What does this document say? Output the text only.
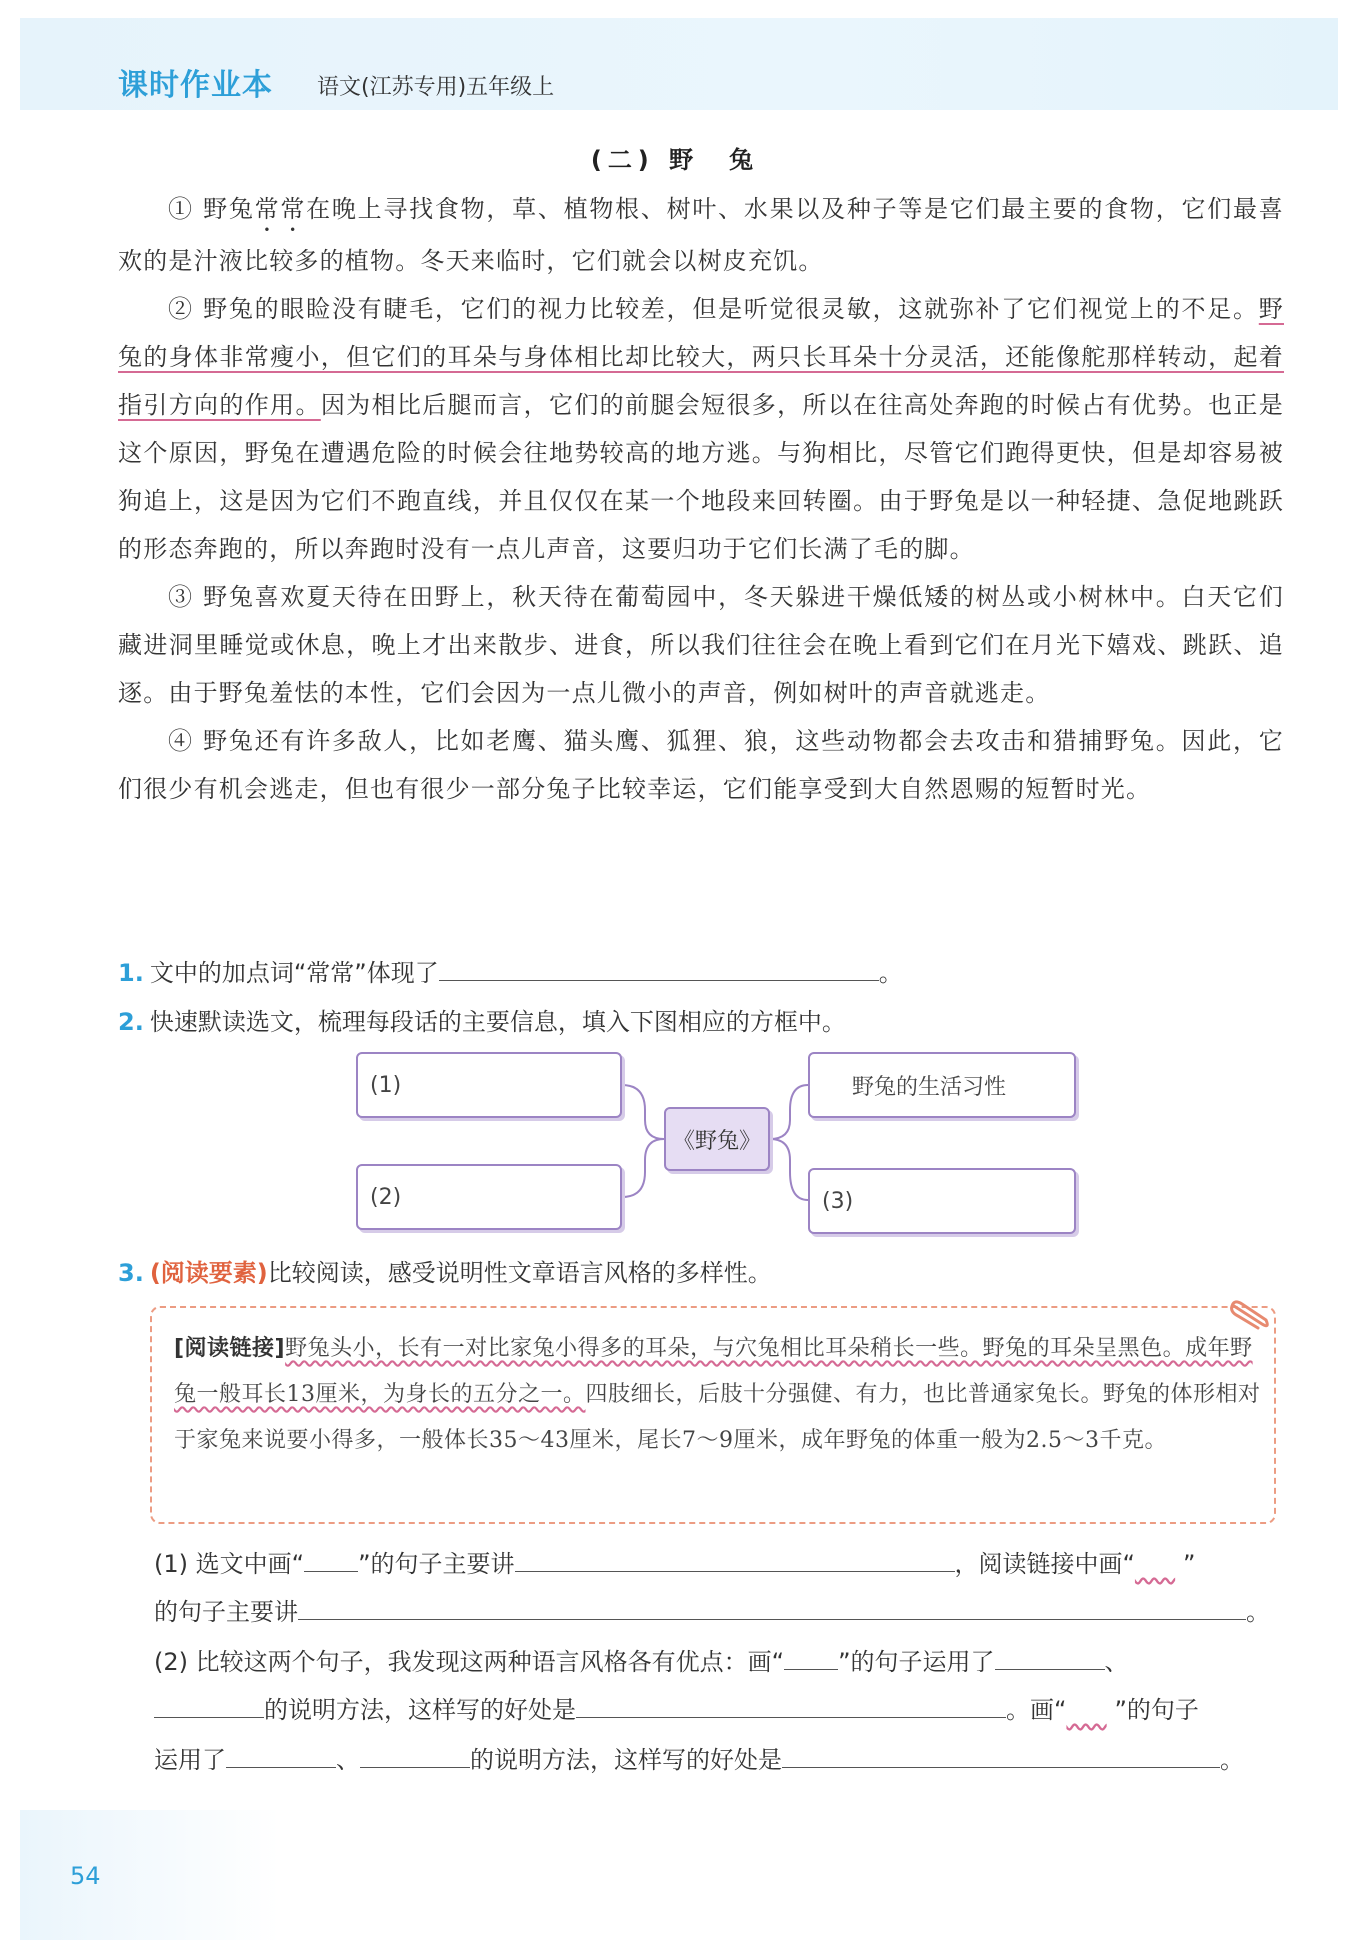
课时作业本 语文(江苏专用)五年级上
(二) 野　兔

① 野兔常常在晚上寻找食物，草、植物根、树叶、水果以及种子等是它们最主要的食物，它们最喜欢的是汁液比较多的植物。冬天来临时，它们就会以树皮充饥。

② 野兔的眼睑没有睫毛，它们的视力比较差，但是听觉很灵敏，这就弥补了它们视觉上的不足。野兔的身体非常瘦小，但它们的耳朵与身体相比却比较大，两只长耳朵十分灵活，还能像舵那样转动，起着指引方向的作用。因为相比后腿而言，它们的前腿会短很多，所以在往高处奔跑的时候占有优势。也正是这个原因，野兔在遭遇危险的时候会往地势较高的地方逃。与狗相比，尽管它们跑得更快，但是却容易被狗追上，这是因为它们不跑直线，并且仅仅在某一个地段来回转圈。由于野兔是以一种轻捷、急促地跳跃的形态奔跑的，所以奔跑时没有一点儿声音，这要归功于它们长满了毛的脚。

③ 野兔喜欢夏天待在田野上，秋天待在葡萄园中，冬天躲进干燥低矮的树丛或小树林中。白天它们藏进洞里睡觉或休息，晚上才出来散步、进食，所以我们往往会在晚上看到它们在月光下嬉戏、跳跃、追逐。由于野兔羞怯的本性，它们会因为一点儿微小的声音，例如树叶的声音就逃走。

④ 野兔还有许多敌人，比如老鹰、猫头鹰、狐狸、狼，这些动物都会去攻击和猎捕野兔。因此，它们很少有机会逃走，但也有很少一部分兔子比较幸运，它们能享受到大自然恩赐的短暂时光。

1. 文中的加点词“常常”体现了	。
2. 快速默读选文，梳理每段话的主要信息，填入下图相应的方框中。
(1)
(2)
野兔的生活习性
(3)
《野兔》
3. (阅读要素)比较阅读，感受说明性文章语言风格的多样性。
[阅读链接]野兔头小，长有一对比家兔小得多的耳朵，与穴兔相比耳朵稍长一些。野兔的耳朵呈黑色。成年野兔一般耳长13厘米，为身长的五分之一。四肢细长，后肢十分强健、有力，也比普通家兔长。野兔的体形相对于家兔来说要小得多，一般体长35～43厘米，尾长7～9厘米，成年野兔的体重一般为2.5～3千克。
(1) 选文中画“ ”的句子主要讲	，阅读链接中画“ ”
的句子主要讲	。
(2) 比较这两个句子，我发现这两种语言风格各有优点：画“ ”的句子运用了	、
的说明方法，这样写的好处是	。画“ ”的句子
运用了	、	的说明方法，这样写的好处是	。
54
